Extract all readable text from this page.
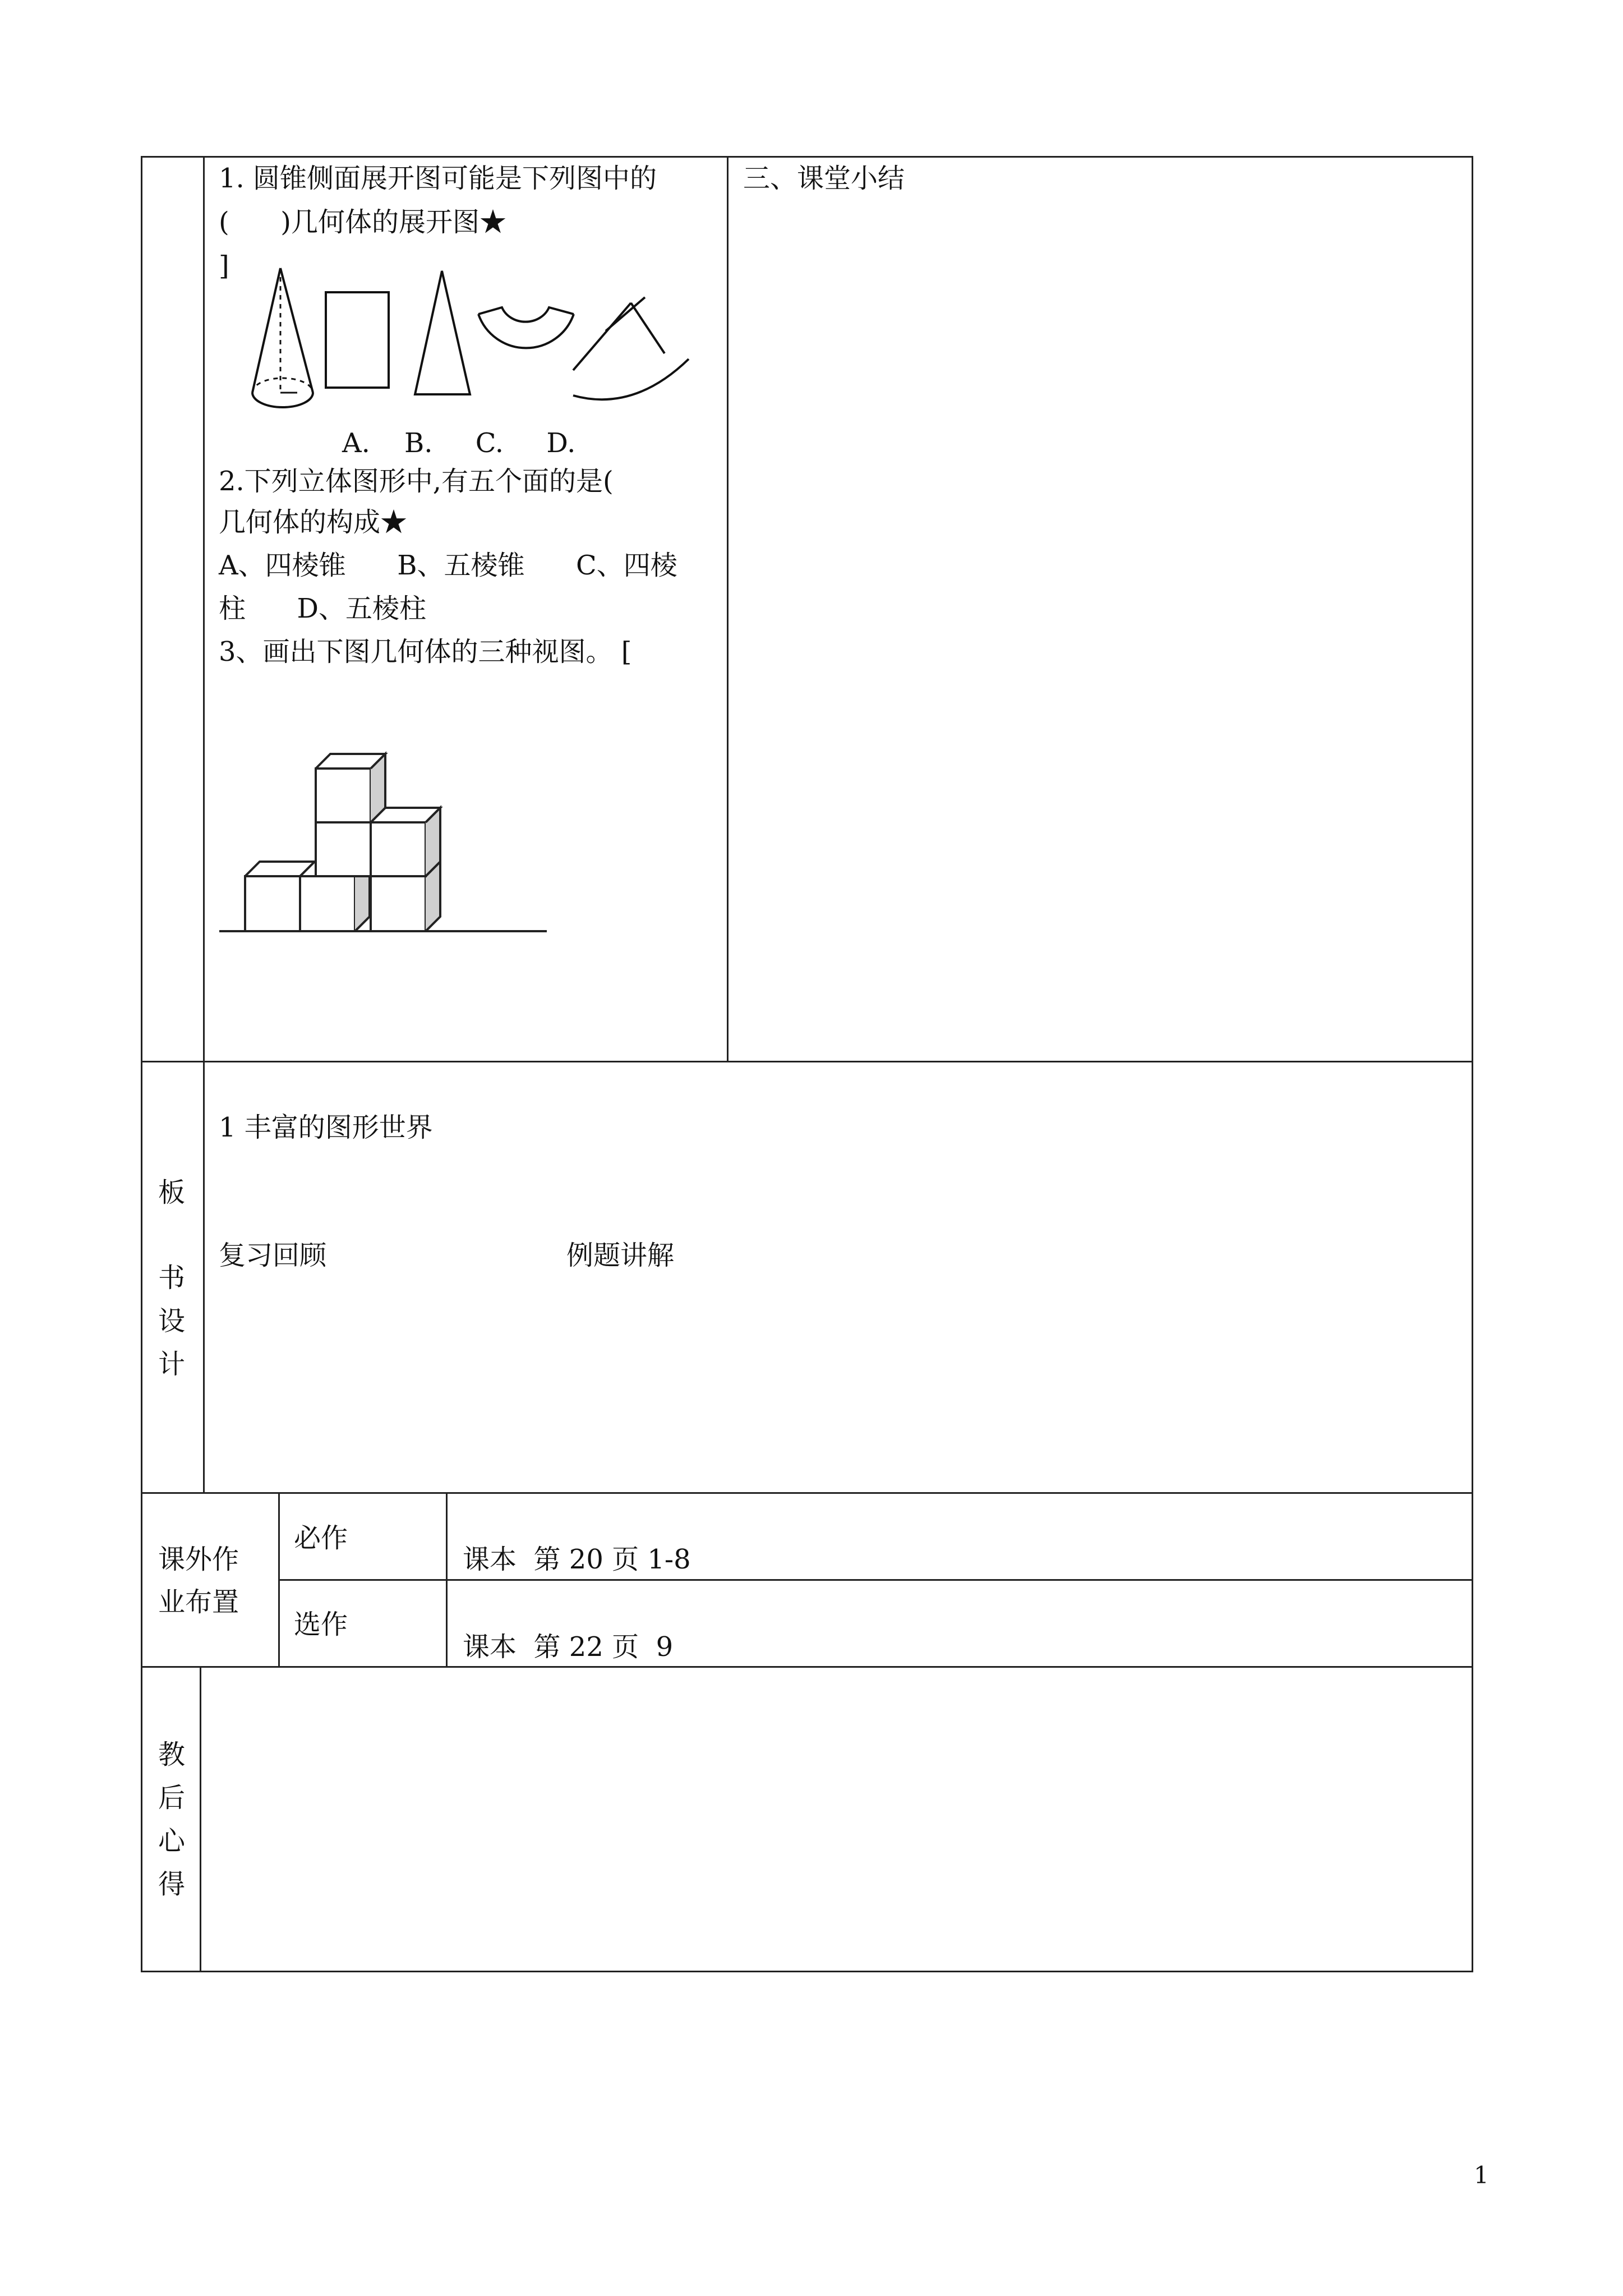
1. 圆锥侧面展开图可能是下列图中的
(      )几何体的展开图★
]
A.    B.     C.     D.
2.下列立体图形中,有五个面的是(
几何体的构成★
A、四棱锥      B、五棱锥      C、四棱
柱      D、五棱柱
3、画出下图几何体的三种视图。 [
三、课堂小结
板
书
设
计
1 丰富的图形世界
复习回顾	例题讲解
课外作
业布置
必作
课本  第 20 页 1-8
选作
课本  第 22 页  9
教
后
心
得
1
